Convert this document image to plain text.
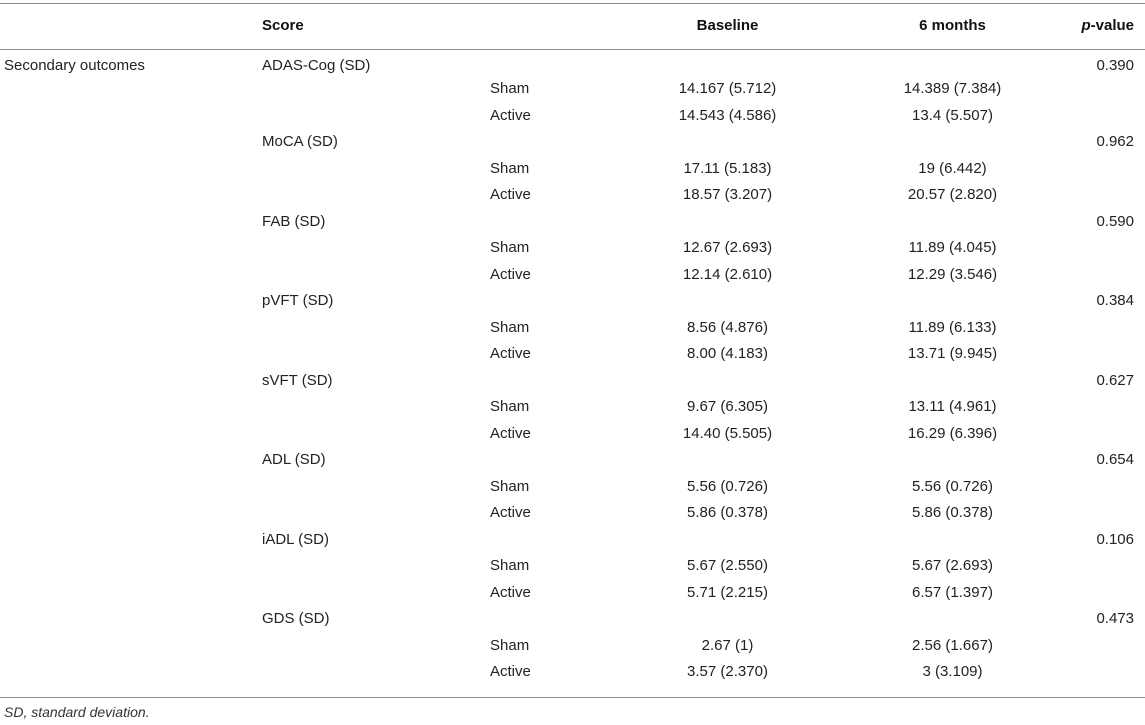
	Score		Baseline	6 months	p-value
Secondary outcomes	ADAS-Cog (SD)				0.390
		Sham	14.167 (5.712)	14.389 (7.384)	
		Active	14.543 (4.586)	13.4 (5.507)	
	MoCA (SD)				0.962
		Sham	17.11 (5.183)	19 (6.442)	
		Active	18.57 (3.207)	20.57 (2.820)	
	FAB (SD)				0.590
		Sham	12.67 (2.693)	11.89 (4.045)	
		Active	12.14 (2.610)	12.29 (3.546)	
	pVFT (SD)				0.384
		Sham	8.56 (4.876)	11.89 (6.133)	
		Active	8.00 (4.183)	13.71 (9.945)	
	sVFT (SD)				0.627
		Sham	9.67 (6.305)	13.11 (4.961)	
		Active	14.40 (5.505)	16.29 (6.396)	
	ADL (SD)				0.654
		Sham	5.56 (0.726)	5.56 (0.726)	
		Active	5.86 (0.378)	5.86 (0.378)	
	iADL (SD)				0.106
		Sham	5.67 (2.550)	5.67 (2.693)	
		Active	5.71 (2.215)	6.57 (1.397)	
	GDS (SD)				0.473
		Sham	2.67 (1)	2.56 (1.667)	
		Active	3.57 (2.370)	3 (3.109)	
SD, standard deviation.
